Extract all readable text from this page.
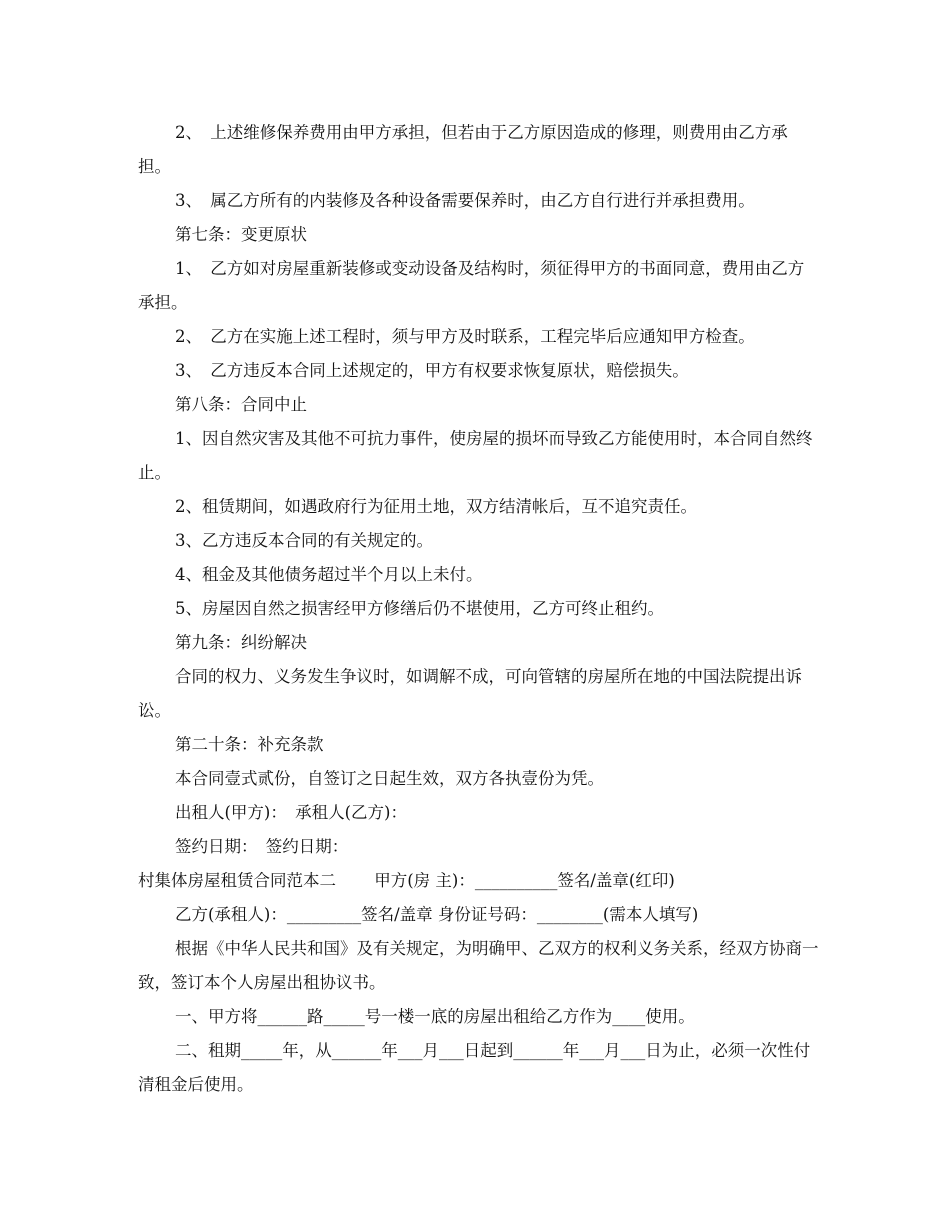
2、　上述维修保养费用由甲方承担，但若由于乙方原因造成的修理，则费用由乙方承担。

3、　属乙方所有的内装修及各种设备需要保养时，由乙方自行进行并承担费用。

第七条：变更原状

1、　乙方如对房屋重新装修或变动设备及结构时，须征得甲方的书面同意，费用由乙方承担。

2、　乙方在实施上述工程时，须与甲方及时联系，工程完毕后应通知甲方检查。

3、　乙方违反本合同上述规定的，甲方有权要求恢复原状，赔偿损失。

第八条：合同中止

1、因自然灾害及其他不可抗力事件，使房屋的损坏而导致乙方能使用时，本合同自然终止。

2、租赁期间，如遇政府行为征用土地，双方结清帐后，互不追究责任。

3、乙方违反本合同的有关规定的。

4、租金及其他债务超过半个月以上未付。

5、房屋因自然之损害经甲方修缮后仍不堪使用，乙方可终止租约。

第九条：纠纷解决

合同的权力、义务发生争议时，如调解不成，可向管辖的房屋所在地的中国法院提出诉讼。

第二十条：补充条款

本合同壹式贰份，自签订之日起生效，双方各执壹份为凭。

出租人(甲方)：　承租人(乙方)：

签约日期：　签约日期：

村集体房屋租赁合同范本二　　 甲方(房 主)：__________签名/盖章(红印)

乙方(承租人)：_________签名/盖章 身份证号码：________(需本人填写)

根据《中华人民共和国》及有关规定，为明确甲、乙双方的权利义务关系，经双方协商一致，签订本个人房屋出租协议书。

一、甲方将______路_____号一楼一底的房屋出租给乙方作为____使用。

二、租期_____年，从______年___月___日起到______年___月___日为止，必须一次性付清租金后使用。
